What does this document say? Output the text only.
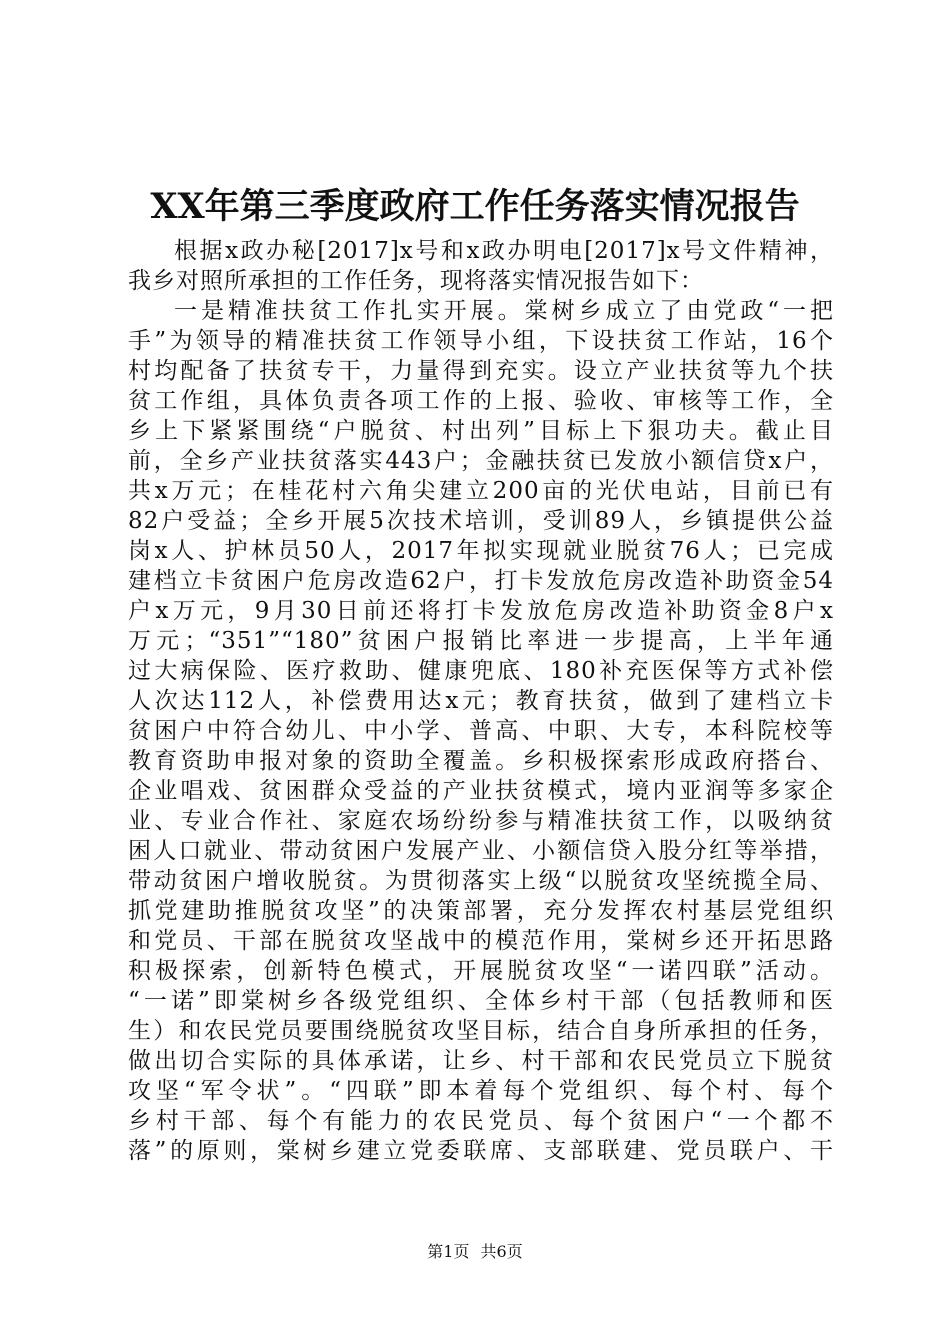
XX年第三季度政府工作任务落实情况报告
根据x政办秘[2017]x号和x政办明电[2017]x号文件精神，
我乡对照所承担的工作任务，现将落实情况报告如下：
一是精准扶贫工作扎实开展。棠树乡成立了由党政“一把
手”为领导的精准扶贫工作领导小组，下设扶贫工作站，16个
村均配备了扶贫专干，力量得到充实。设立产业扶贫等九个扶
贫工作组，具体负责各项工作的上报、验收、审核等工作，全
乡上下紧紧围绕“户脱贫、村出列”目标上下狠功夫。截止目
前，全乡产业扶贫落实443户；金融扶贫已发放小额信贷x户，
共x万元；在桂花村六角尖建立200亩的光伏电站，目前已有
82户受益；全乡开展5次技术培训，受训89人，乡镇提供公益
岗x人、护林员50人，2017年拟实现就业脱贫76人；已完成
建档立卡贫困户危房改造62户，打卡发放危房改造补助资金54
户x万元，9月30日前还将打卡发放危房改造补助资金8户x
万元；“351”“180”贫困户报销比率进一步提高，上半年通
过大病保险、医疗救助、健康兜底、180补充医保等方式补偿
人次达112人，补偿费用达x元；教育扶贫，做到了建档立卡
贫困户中符合幼儿、中小学、普高、中职、大专，本科院校等
教育资助申报对象的资助全覆盖。乡积极探索形成政府搭台、
企业唱戏、贫困群众受益的产业扶贫模式，境内亚润等多家企
业、专业合作社、家庭农场纷纷参与精准扶贫工作，以吸纳贫
困人口就业、带动贫困户发展产业、小额信贷入股分红等举措，
带动贫困户增收脱贫。为贯彻落实上级“以脱贫攻坚统揽全局、
抓党建助推脱贫攻坚”的决策部署，充分发挥农村基层党组织
和党员、干部在脱贫攻坚战中的模范作用，棠树乡还开拓思路
积极探索，创新特色模式，开展脱贫攻坚“一诺四联”活动。
“一诺”即棠树乡各级党组织、全体乡村干部（包括教师和医
生）和农民党员要围绕脱贫攻坚目标，结合自身所承担的任务，
做出切合实际的具体承诺，让乡、村干部和农民党员立下脱贫
攻坚“军令状”。“四联”即本着每个党组织、每个村、每个
乡村干部、每个有能力的农民党员、每个贫困户“一个都不
落”的原则，棠树乡建立党委联席、支部联建、党员联户、干
第1页 共6页
